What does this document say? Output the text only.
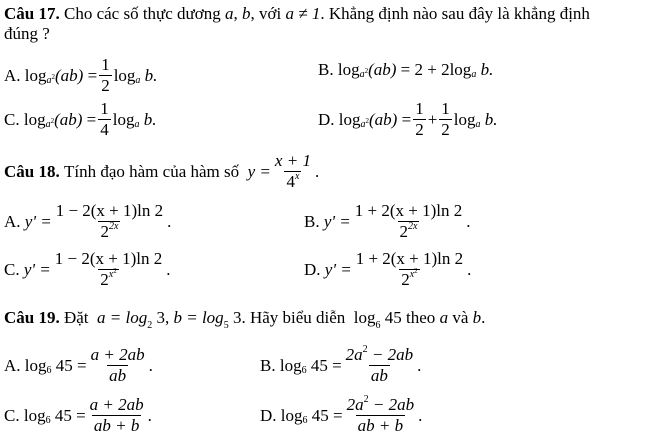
Câu 17. Cho các số thực dương a, b, với a ≠ 1. Khẳng định nào sau đây là khẳng định
đúng ?
A.
$\log a^2$ (ab)
= $\frac{1}{2}$ log a
b.	B.
$\log a^2$ (ab)
= 2 + 2log a
b.
C.
$\log a^2$ (ab)
= $\frac{1}{4}$ log a
b.	D.
$\log a^2$ (ab)
= $\frac{1}{2} + \frac{1}{2}$ log a
b.
Câu 18.
Tính đạo hàm của hàm số
$y = \frac{x + 1}{4^x}$ .
A.
$y' = \frac{1 - 2(x + 1)\ln 2}{2^{2x}}$ .	B.
$y' = \frac{1 + 2(x + 1)\ln 2}{2^{2x}}$ .
C.
$y' = \frac{1 - 2(x + 1)\ln 2}{2^{x^2}}$ .	D.
$y' = \frac{1 + 2(x + 1)\ln 2}{2^{x^2}}$ .
Câu 19. Đặt $a = \log_2 3$, $b = \log_5 3$. Hãy biểu diễn $\log_6 45$ theo a và b.
A.
log 6
$45 = \frac{a + 2ab}{ab}$ .	B.
log 6
$45 = \frac{2a^2 - 2ab}{ab}$ .
C.
log 6
$45 = \frac{a + 2ab}{ab + b}$ .	D.
log 6
$45 = \frac{2a^2 - 2ab}{ab + b}$ .
